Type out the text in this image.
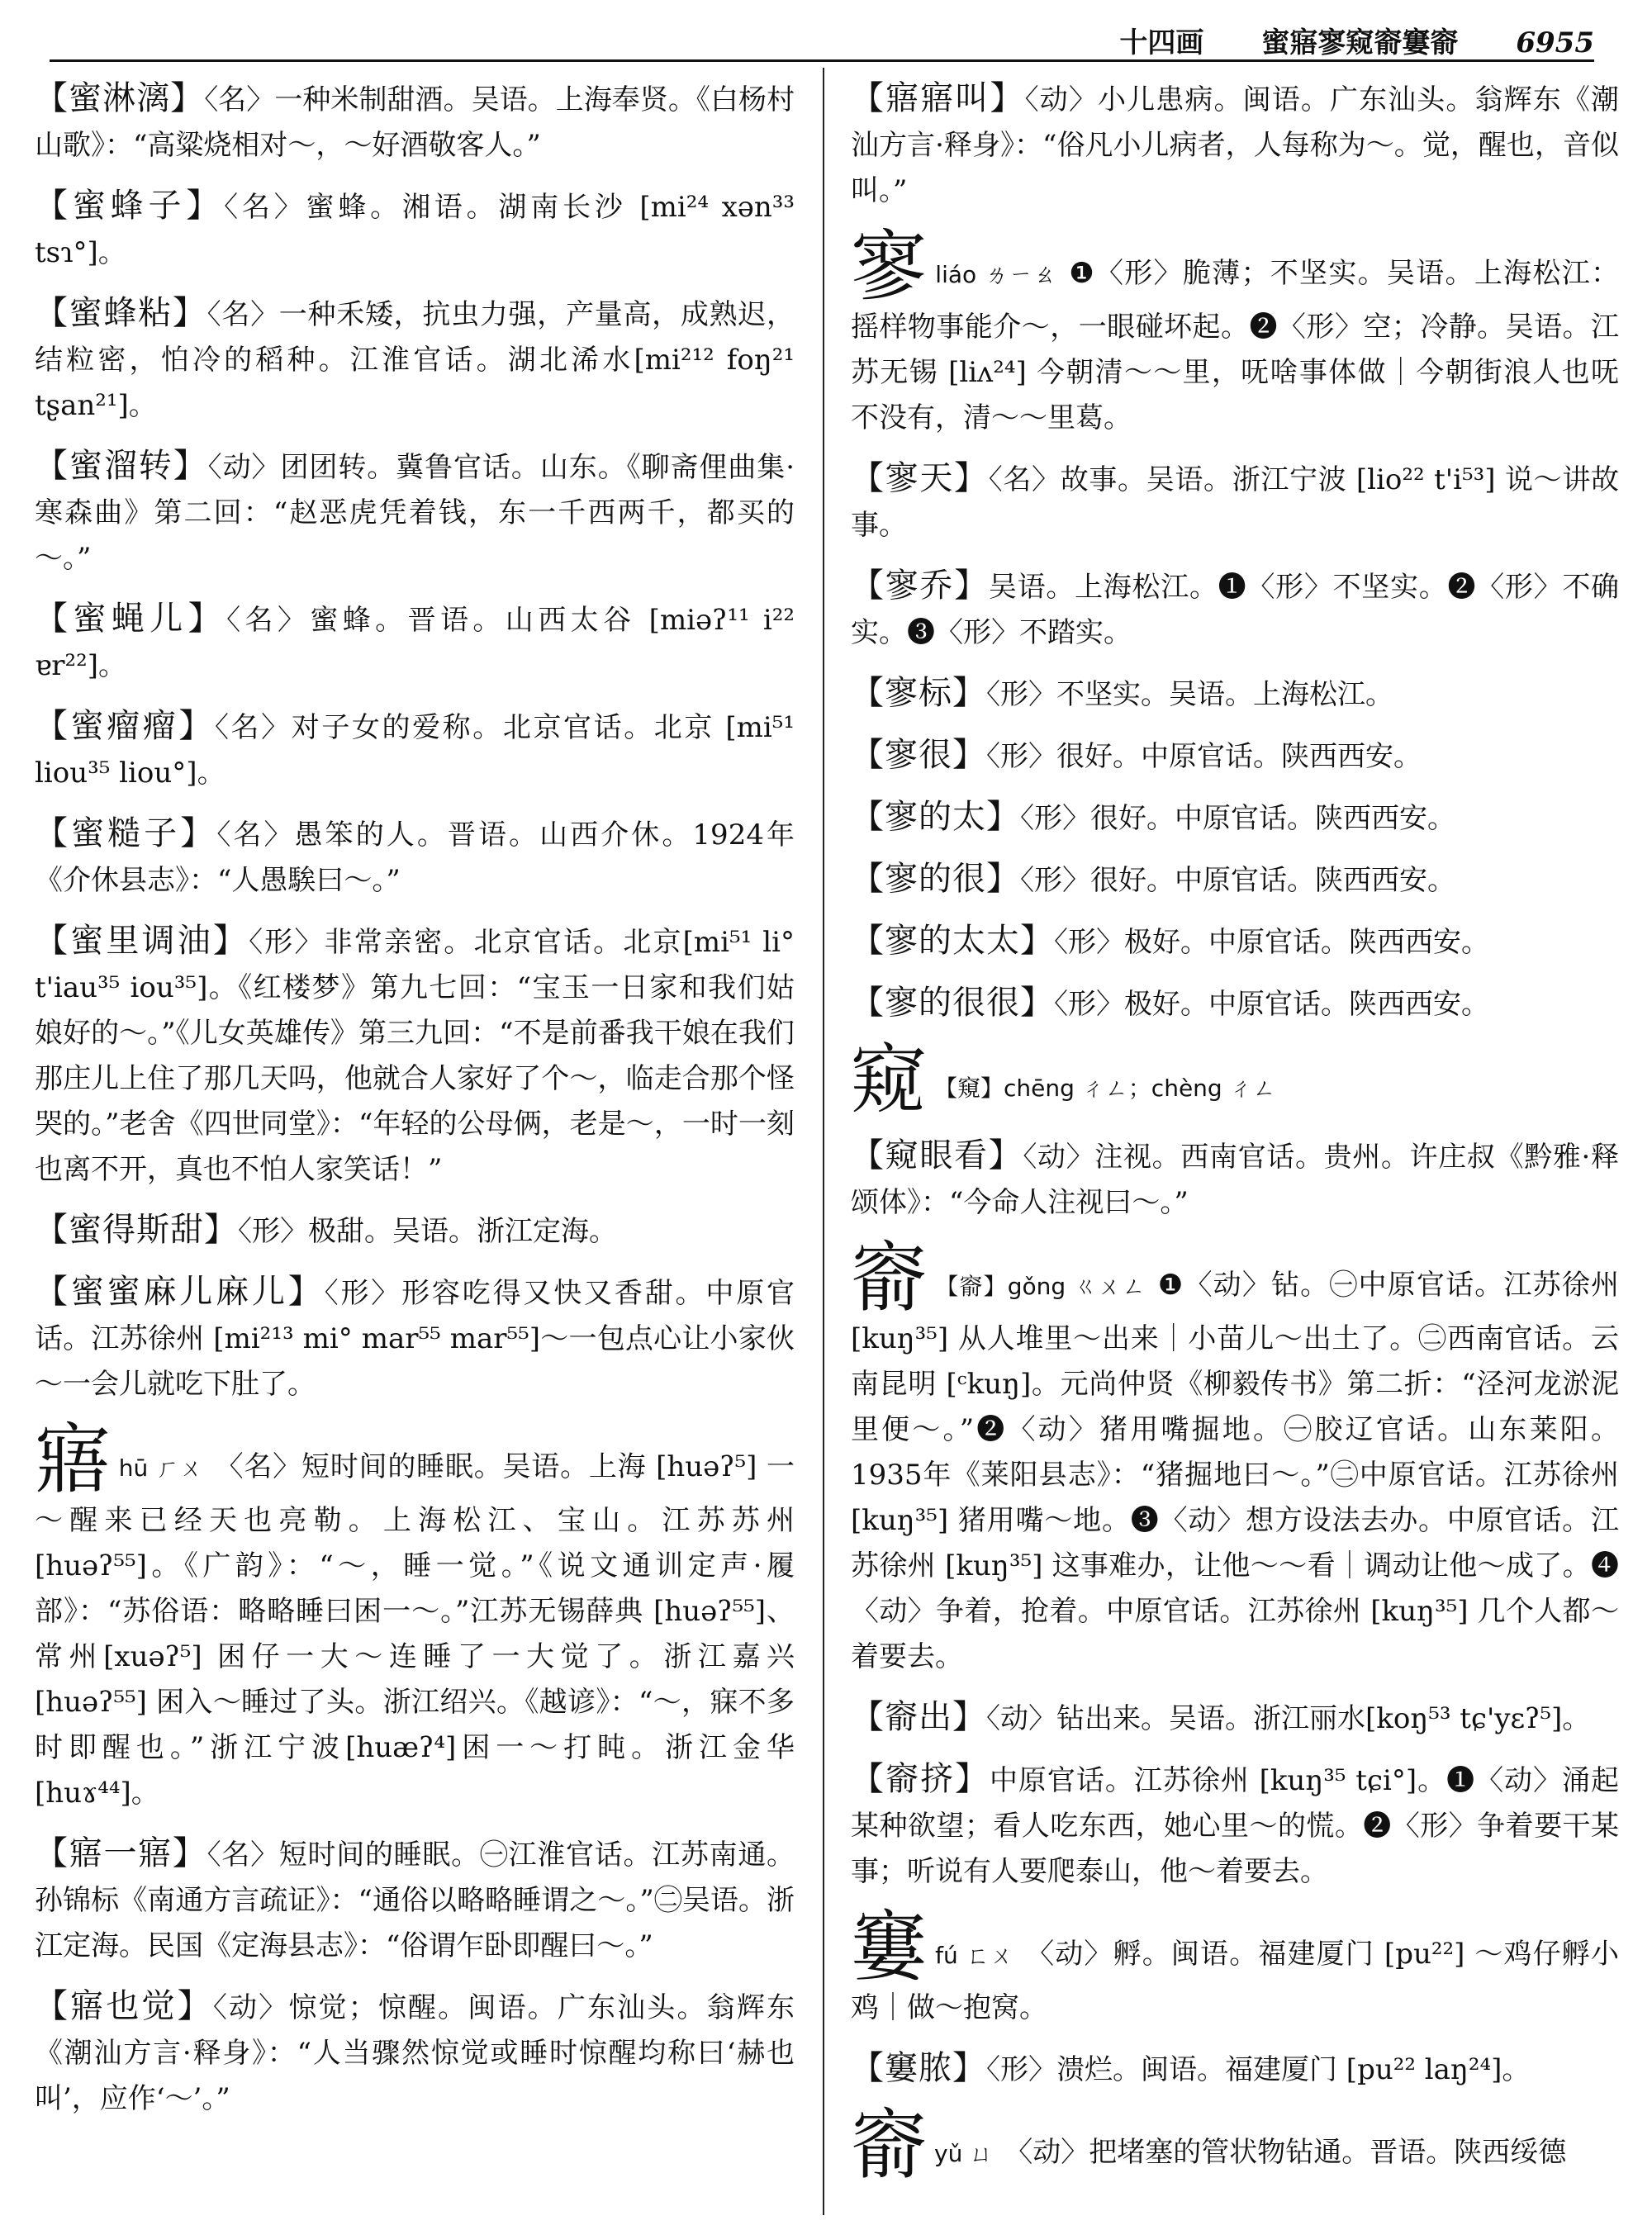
十四画 蜜寤寥窥窬窶窬 6955

【 蜜淋漓 】 〈名〉一种米制甜酒。吴语。上海奉贤。《白杨村山歌》：“高粱烧相对～，～好酒敬客人。”

【 蜜蜂子 】 〈名〉蜜蜂。湘语。湖南长沙 [mi²⁴ xən³³ tsɿ°]。

【 蜜蜂粘 】 〈名〉一种禾矮，抗虫力强，产量高，成熟迟，结粒密，怕冷的稻种。江淮官话。湖北浠水[mi²¹² foŋ²¹ tʂan²¹]。

【 蜜溜转 】 〈动〉团团转。冀鲁官话。山东。《聊斋俚曲集·寒森曲》第二回：“赵恶虎凭着钱，东一千西两千，都买的～。”

【 蜜蝇儿 】 〈名〉蜜蜂。晋语。山西太谷 [miəʔ¹¹ i²² ɐr²²]。

【 蜜瘤瘤 】 〈名〉对子女的爱称。北京官话。北京 [mi⁵¹ liou³⁵ liou°]。

【 蜜糙子 】 〈名〉愚笨的人。晋语。山西介休。1924年《介休县志》：“人愚騃曰～。”

【 蜜里调油 】 〈形〉非常亲密。北京官话。北京[mi⁵¹ li° t'iau³⁵ iou³⁵]。《红楼梦》第九七回：“宝玉一日家和我们姑娘好的～。”《儿女英雄传》第三九回：“不是前番我干娘在我们那庄儿上住了那几天吗，他就合人家好了个～，临走合那个怪哭的。”老舍《四世同堂》：“年轻的公母俩，老是～，一时一刻也离不开，真也不怕人家笑话！”

【 蜜得斯甜 】 〈形〉极甜。吴语。浙江定海。

【 蜜蜜麻儿麻儿 】 〈形〉形容吃得又快又香甜。中原官话。江苏徐州 [mi²¹³ mi° mar⁵⁵ mar⁵⁵]～一包点心让小家伙～一会儿就吃下肚了。

寤hū ㄏㄨ 〈名〉短时间的睡眠。吴语。上海 [huəʔ⁵] 一～醒来已经天也亮勒。上海松江、宝山。江苏苏州 [huəʔ⁵⁵]。《广韵》：“～，睡一觉。”《说文通训定声·履部》：“苏俗语：略略睡曰困一～。”江苏无锡薛典 [huəʔ⁵⁵]、常州[xuəʔ⁵] 困仔一大～连睡了一大觉了。浙江嘉兴 [huəʔ⁵⁵] 困入～睡过了头。浙江绍兴。《越谚》：“～，寐不多时即醒也。”浙江宁波[huæʔ⁴]困一～打盹。浙江金华 [huɤ⁴⁴]。

【 寤一寤 】 〈名〉短时间的睡眠。㊀江淮官话。江苏南通。孙锦标《南通方言疏证》：“通俗以略略睡谓之～。”㊁吴语。浙江定海。民国《定海县志》：“俗谓乍卧即醒曰～。”

【 寤也觉 】 〈动〉惊觉；惊醒。闽语。广东汕头。翁辉东《潮汕方言·释身》：“人当骤然惊觉或睡时惊醒均称曰‘赫也叫’，应作‘～’。”

【 寤寤叫 】 〈动〉小儿患病。闽语。广东汕头。翁辉东《潮汕方言·释身》：“俗凡小儿病者，人每称为～。觉，醒也，音似叫。”

寥liáo ㄌㄧㄠ ❶〈形〉脆薄；不坚实。吴语。上海松江：摇样物事能介～，一眼碰坏起。❷〈形〉空；冷静。吴语。江苏无锡 [liʌ²⁴] 今朝清～～里，呒啥事体做｜今朝街浪人也呒不没有，清～～里葛。

【 寥天 】 〈名〉故事。吴语。浙江宁波 [lio²² t'i⁵³] 说～讲故事。

【 寥乔 】 吴语。上海松江。❶〈形〉不坚实。❷〈形〉不确实。❸〈形〉不踏实。

【 寥标 】 〈形〉不坚实。吴语。上海松江。

【 寥很 】 〈形〉很好。中原官话。陕西西安。

【 寥的太 】 〈形〉很好。中原官话。陕西西安。

【 寥的很 】 〈形〉很好。中原官话。陕西西安。

【 寥的太太 】 〈形〉极好。中原官话。陕西西安。

【 寥的很很 】 〈形〉极好。中原官话。陕西西安。

窥 【窺】chēng ㄔㄥ；chèng ㄔㄥ

【 窥眼看 】 〈动〉注视。西南官话。贵州。许庄叔《黔雅·释颂体》：“今命人注视曰～。”

窬 【窬】gǒng ㄍㄨㄥ ❶〈动〉钻。㊀中原官话。江苏徐州 [kuŋ³⁵] 从人堆里～出来｜小苗儿～出土了。㊁西南官话。云南昆明 [ᶜkuŋ]。元尚仲贤《柳毅传书》第二折：“泾河龙淤泥里便～。”❷〈动〉猪用嘴掘地。㊀胶辽官话。山东莱阳。1935年《莱阳县志》：“猪掘地曰～。”㊁中原官话。江苏徐州[kuŋ³⁵] 猪用嘴～地。❸〈动〉想方设法去办。中原官话。江苏徐州 [kuŋ³⁵] 这事难办，让他～～看｜调动让他～成了。❹〈动〉争着，抢着。中原官话。江苏徐州 [kuŋ³⁵] 几个人都～着要去。

【 窬出 】 〈动〉钻出来。吴语。浙江丽水[koŋ⁵³ tɕ'yɛʔ⁵]。

【 窬挤 】 中原官话。江苏徐州 [kuŋ³⁵ tɕi°]。❶〈动〉涌起某种欲望；看人吃东西，她心里～的慌。❷〈形〉争着要干某事；听说有人要爬泰山，他～着要去。

窶fú ㄈㄨ 〈动〉孵。闽语。福建厦门 [pu²²] ～鸡仔孵小鸡｜做～抱窝。

【 窶脓 】 〈形〉溃烂。闽语。福建厦门 [pu²² laŋ²⁴]。

窬yǔ ㄩ 〈动〉把堵塞的管状物钻通。晋语。陕西绥德
